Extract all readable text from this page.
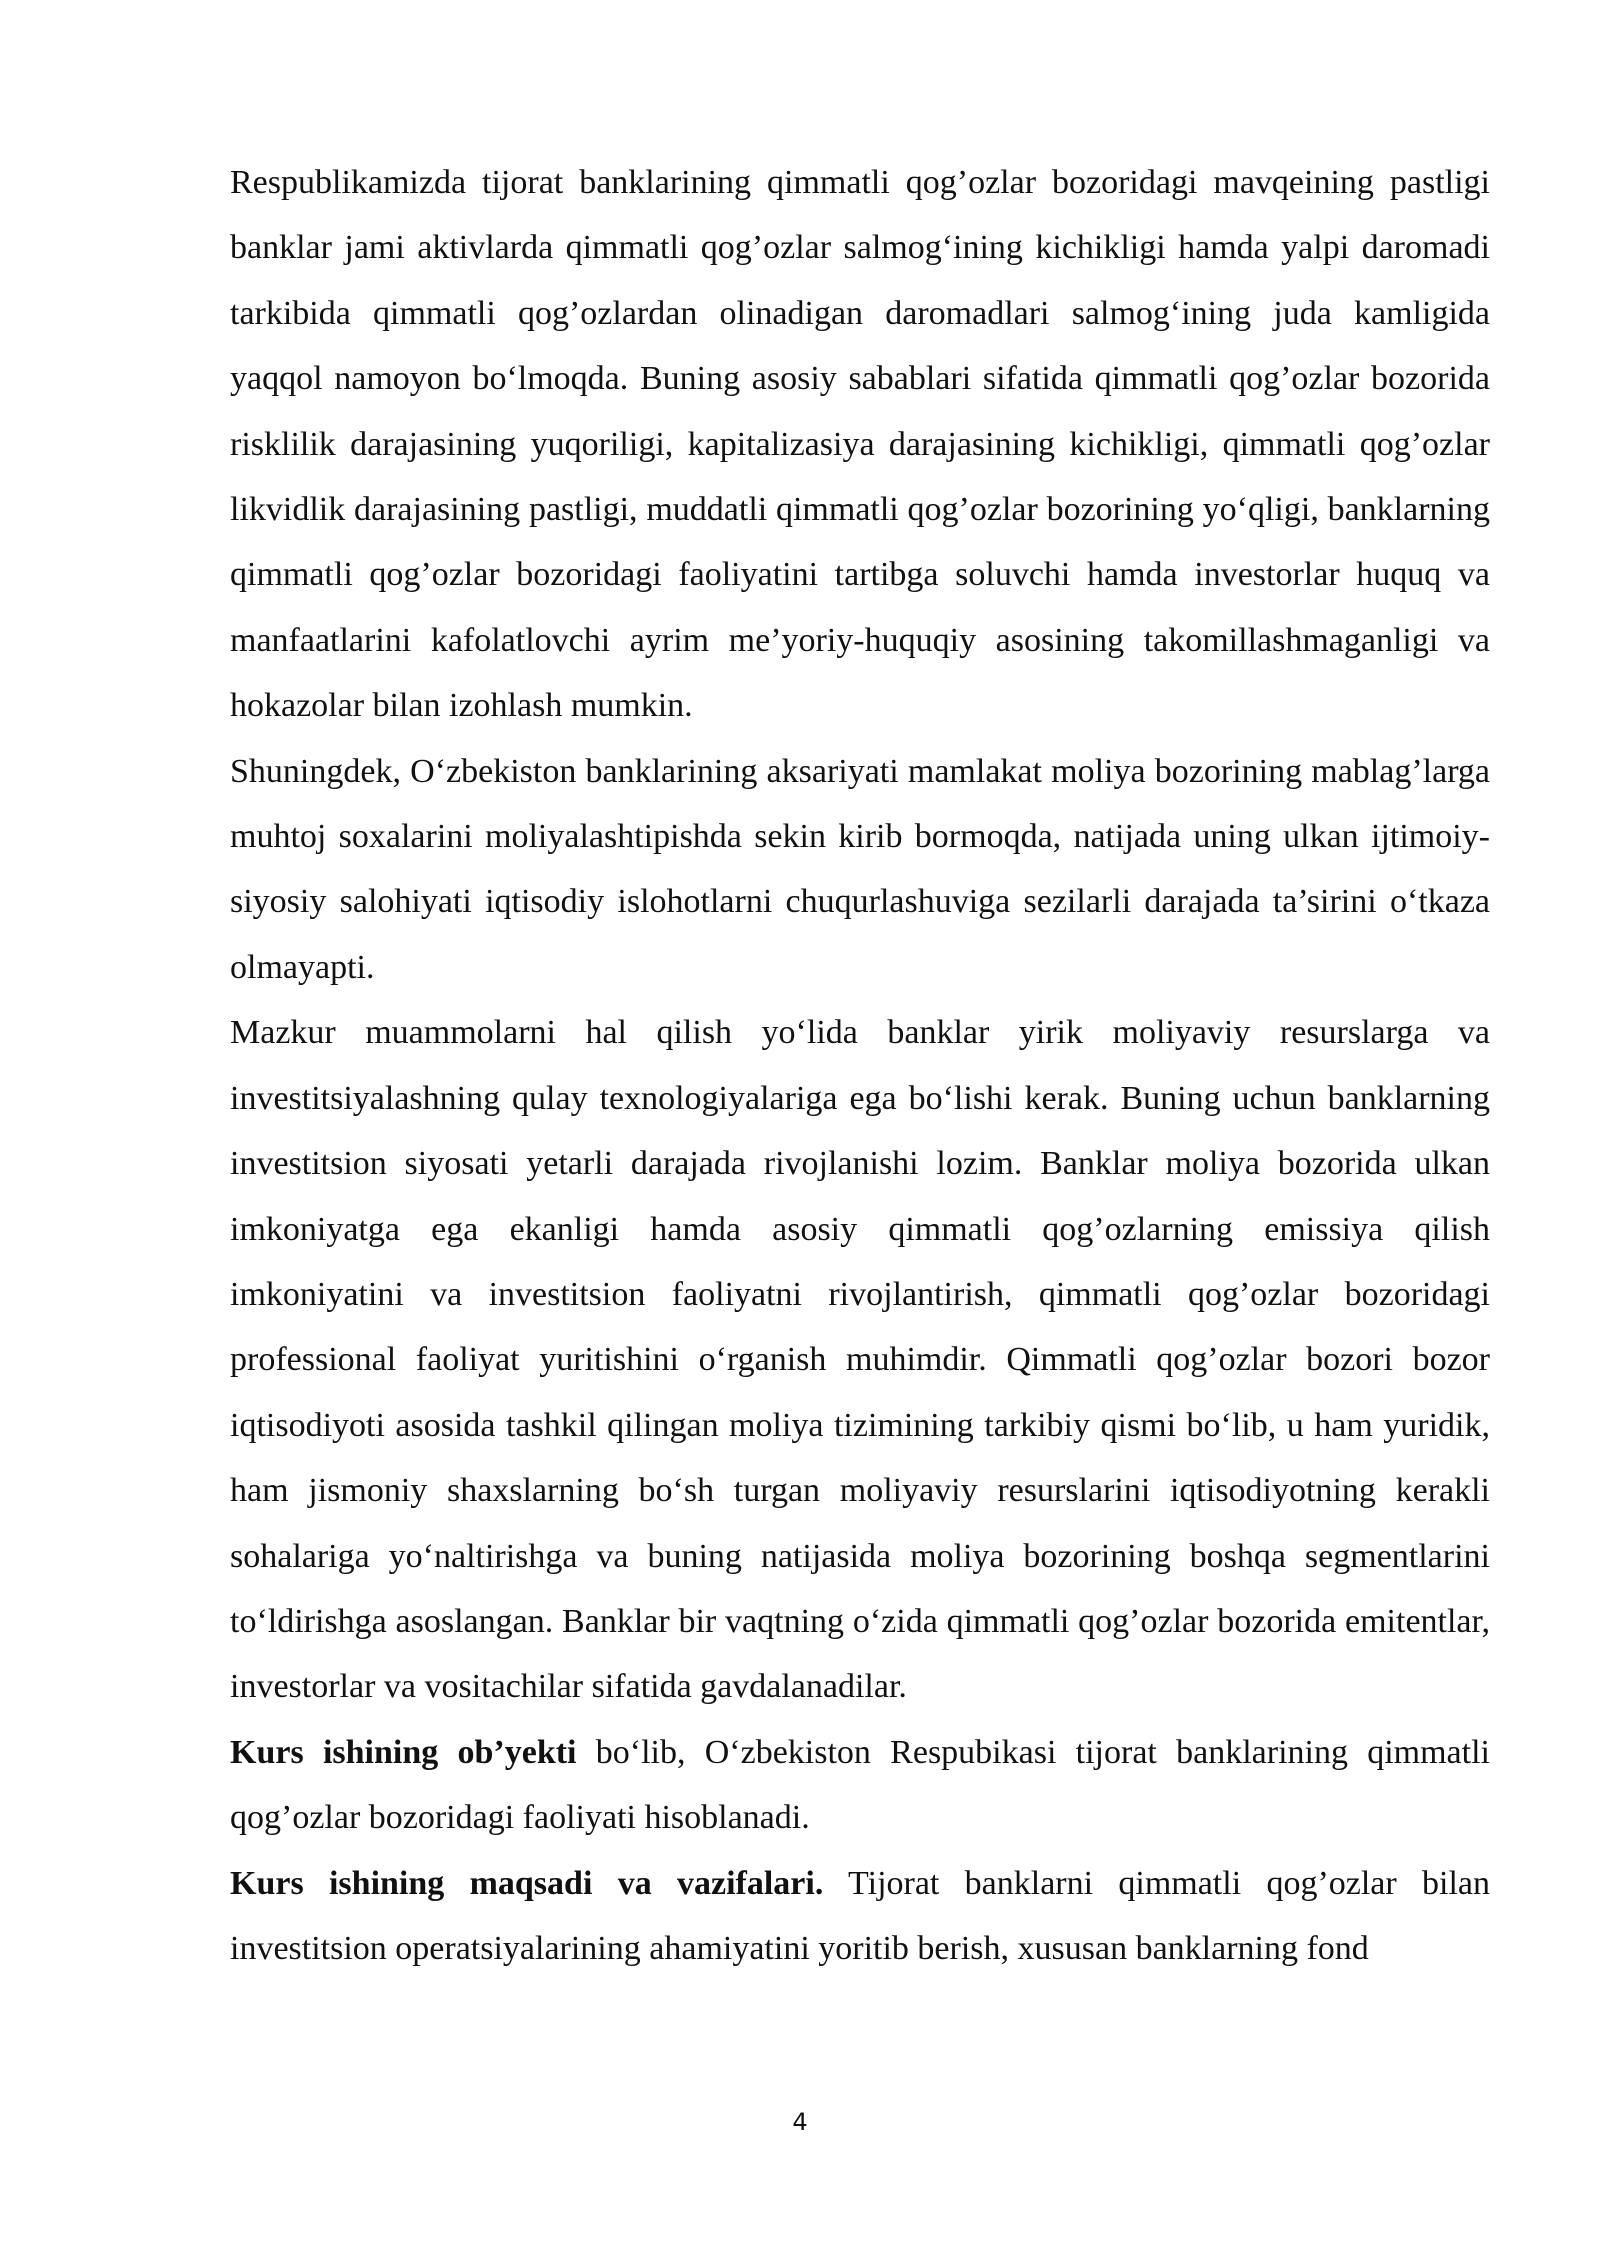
Respublikamizda tijorat banklarining qimmatli qog’ozlar bozoridagi mavqeining pastligi banklar jami aktivlarda qimmatli qog’ozlar salmog‘ining kichikligi hamda yalpi daromadi tarkibida qimmatli qog’ozlardan olinadigan daromadlari salmog‘ining juda kamligida yaqqol namoyon bo‘lmoqda. Buning asosiy sabablari sifatida qimmatli qog’ozlar bozorida risklilik darajasining yuqoriligi, kapitalizasiya darajasining kichikligi, qimmatli qog’ozlar likvidlik darajasining pastligi, muddatli qimmatli qog’ozlar bozorining yo‘qligi, banklarning qimmatli qog’ozlar bozoridagi faoliyatini tartibga soluvchi hamda investorlar huquq va manfaatlarini kafolatlovchi ayrim me’yoriy-huquqiy asosining takomillashmaganligi va hokazolar bilan izohlash mumkin.

Shuningdek, O‘zbekiston banklarining aksariyati mamlakat moliya bozorining mablag’larga muhtoj soxalarini moliyalashtipishda sekin kirib bormoqda, natijada uning ulkan ijtimoiy-siyosiy salohiyati iqtisodiy islohotlarni chuqurlashuviga sezilarli darajada ta’sirini o‘tkaza olmayapti.

Mazkur muammolarni hal qilish yo‘lida banklar yirik moliyaviy resurslarga va investitsiyalashning qulay texnologiyalariga ega bo‘lishi kerak. Buning uchun banklarning investitsion siyosati yetarli darajada rivojlanishi lozim. Banklar moliya bozorida ulkan imkoniyatga ega ekanligi hamda asosiy qimmatli qog’ozlarning emissiya qilish imkoniyatini va investitsion faoliyatni rivojlantirish, qimmatli qog’ozlar bozoridagi professional faoliyat yuritishini o‘rganish muhimdir. Qimmatli qog’ozlar bozori bozor iqtisodiyoti asosida tashkil qilingan moliya tizimining tarkibiy qismi bo‘lib, u ham yuridik, ham jismoniy shaxslarning bo‘sh turgan moliyaviy resurslarini iqtisodiyotning kerakli sohalariga yo‘naltirishga va buning natijasida moliya bozorining boshqa segmentlarini to‘ldirishga asoslangan. Banklar bir vaqtning o‘zida qimmatli qog’ozlar bozorida emitentlar, investorlar va vositachilar sifatida gavdalanadilar.

Kurs ishining ob’yekti bo‘lib, O‘zbekiston Respubikasi tijorat banklarining qimmatli qog’ozlar bozoridagi faoliyati hisoblanadi.

Kurs ishining maqsadi va vazifalari. Tijorat banklarni qimmatli qog’ozlar bilan investitsion operatsiyalarining ahamiyatini yoritib berish, xususan banklarning fond

4
